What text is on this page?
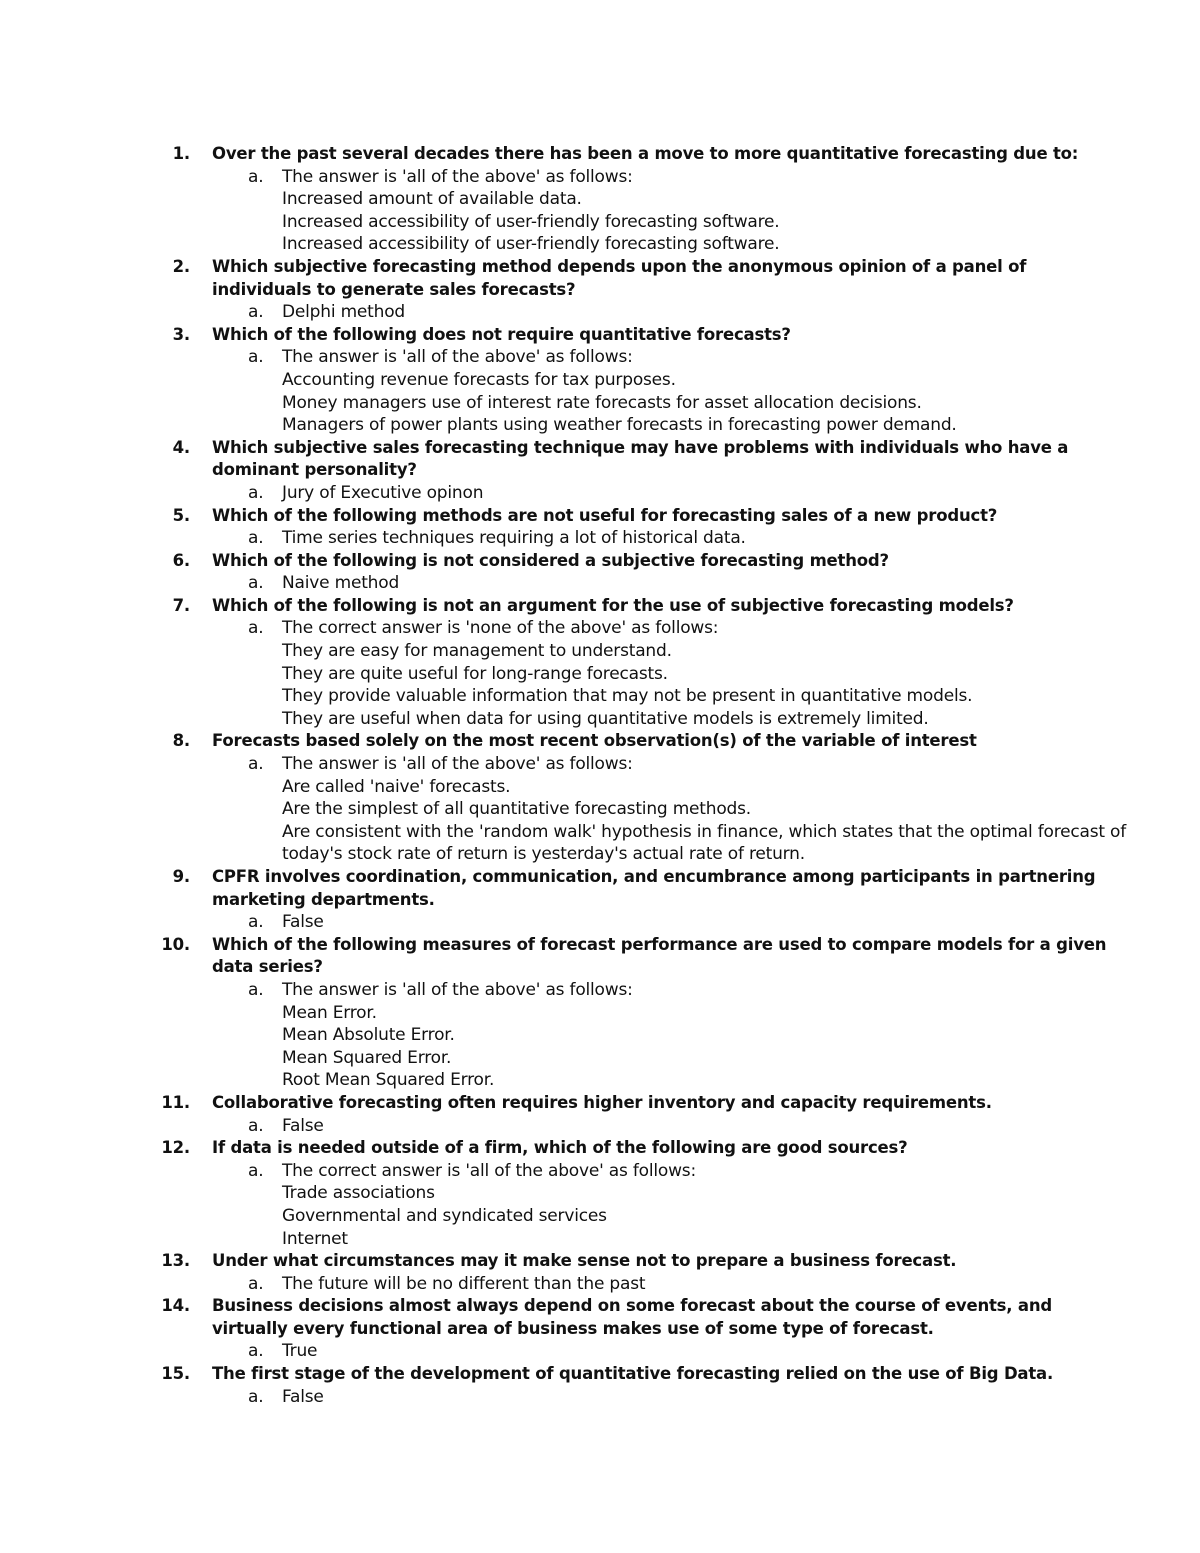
1. Over the past several decades there has been a move to more quantitative forecasting due to:
a. The answer is 'all of the above' as follows:
Increased amount of available data.
Increased accessibility of user-friendly forecasting software.
Increased accessibility of user-friendly forecasting software.
2. Which subjective forecasting method depends upon the anonymous opinion of a panel of individuals to generate sales forecasts?
a. Delphi method
3. Which of the following does not require quantitative forecasts?
a. The answer is 'all of the above' as follows:
Accounting revenue forecasts for tax purposes.
Money managers use of interest rate forecasts for asset allocation decisions.
Managers of power plants using weather forecasts in forecasting power demand.
4. Which subjective sales forecasting technique may have problems with individuals who have a dominant personality?
a. Jury of Executive opinon
5. Which of the following methods are not useful for forecasting sales of a new product?
a. Time series techniques requiring a lot of historical data.
6. Which of the following is not considered a subjective forecasting method?
a. Naive method
7. Which of the following is not an argument for the use of subjective forecasting models?
a. The correct answer is 'none of the above' as follows:
They are easy for management to understand.
They are quite useful for long-range forecasts.
They provide valuable information that may not be present in quantitative models.
They are useful when data for using quantitative models is extremely limited.
8. Forecasts based solely on the most recent observation(s) of the variable of interest
a. The answer is 'all of the above' as follows:
Are called 'naive' forecasts.
Are the simplest of all quantitative forecasting methods.
Are consistent with the 'random walk' hypothesis in finance, which states that the optimal forecast of today's stock rate of return is yesterday's actual rate of return.
9. CPFR involves coordination, communication, and encumbrance among participants in partnering marketing departments.
a. False
10. Which of the following measures of forecast performance are used to compare models for a given data series?
a. The answer is 'all of the above' as follows:
Mean Error.
Mean Absolute Error.
Mean Squared Error.
Root Mean Squared Error.
11. Collaborative forecasting often requires higher inventory and capacity requirements.
a. False
12. If data is needed outside of a firm, which of the following are good sources?
a. The correct answer is 'all of the above' as follows:
Trade associations
Governmental and syndicated services
Internet
13. Under what circumstances may it make sense not to prepare a business forecast.
a. The future will be no different than the past
14. Business decisions almost always depend on some forecast about the course of events, and virtually every functional area of business makes use of some type of forecast.
a. True
15. The first stage of the development of quantitative forecasting relied on the use of Big Data.
a. False
